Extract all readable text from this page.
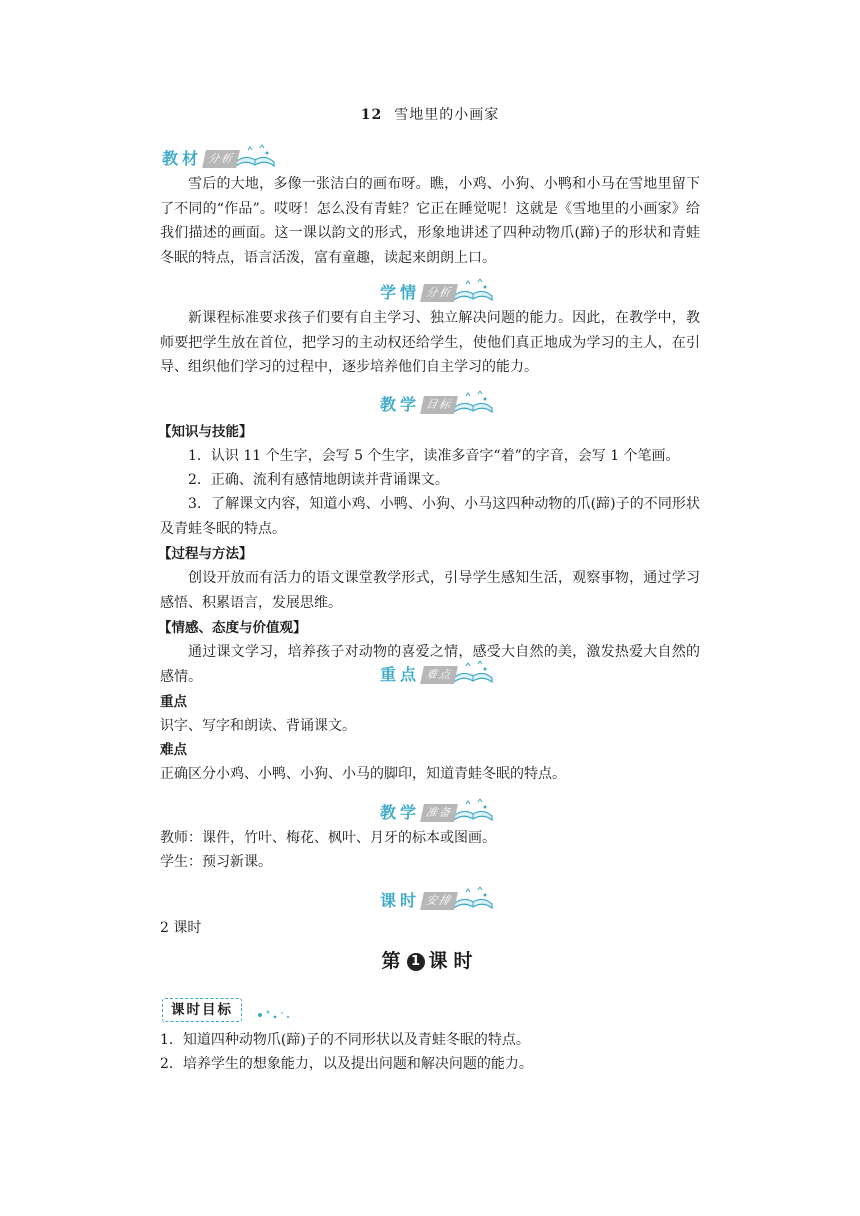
12 雪地里的小画家
教材 分析
雪后的大地，多像一张洁白的画布呀。瞧，小鸡、小狗、小鸭和小马在雪地里留下了不同的“作品”。哎呀！怎么没有青蛙？它正在睡觉呢！这就是《雪地里的小画家》给我们描述的画面。这一课以韵文的形式，形象地讲述了四种动物爪(蹄)子的形状和青蛙冬眠的特点，语言活泼，富有童趣，读起来朗朗上口。
学情 分析
新课程标准要求孩子们要有自主学习、独立解决问题的能力。因此，在教学中，教师要把学生放在首位，把学习的主动权还给学生，使他们真正地成为学习的主人，在引导、组织他们学习的过程中，逐步培养他们自主学习的能力。
教学 目标
【知识与技能】
1．认识 11 个生字，会写 5 个生字，读准多音字“着”的字音，会写 1 个笔画。
2．正确、流利有感情地朗读并背诵课文。
3．了解课文内容，知道小鸡、小鸭、小狗、小马这四种动物的爪(蹄)子的不同形状及青蛙冬眠的特点。
【过程与方法】
创设开放而有活力的语文课堂教学形式，引导学生感知生活，观察事物，通过学习感悟、积累语言，发展思维。
【情感、态度与价值观】
通过课文学习，培养孩子对动物的喜爱之情，感受大自然的美，激发热爱大自然的感情。	重点 难点
重点
识字、写字和朗读、背诵课文。
难点
正确区分小鸡、小鸭、小狗、小马的脚印，知道青蛙冬眠的特点。
教学 准备
教师：课件，竹叶、梅花、枫叶、月牙的标本或图画。
学生：预习新课。
课时 安排
2 课时
第 1 课时
课时目标
1．知道四种动物爪(蹄)子的不同形状以及青蛙冬眠的特点。
2．培养学生的想象能力，以及提出问题和解决问题的能力。
